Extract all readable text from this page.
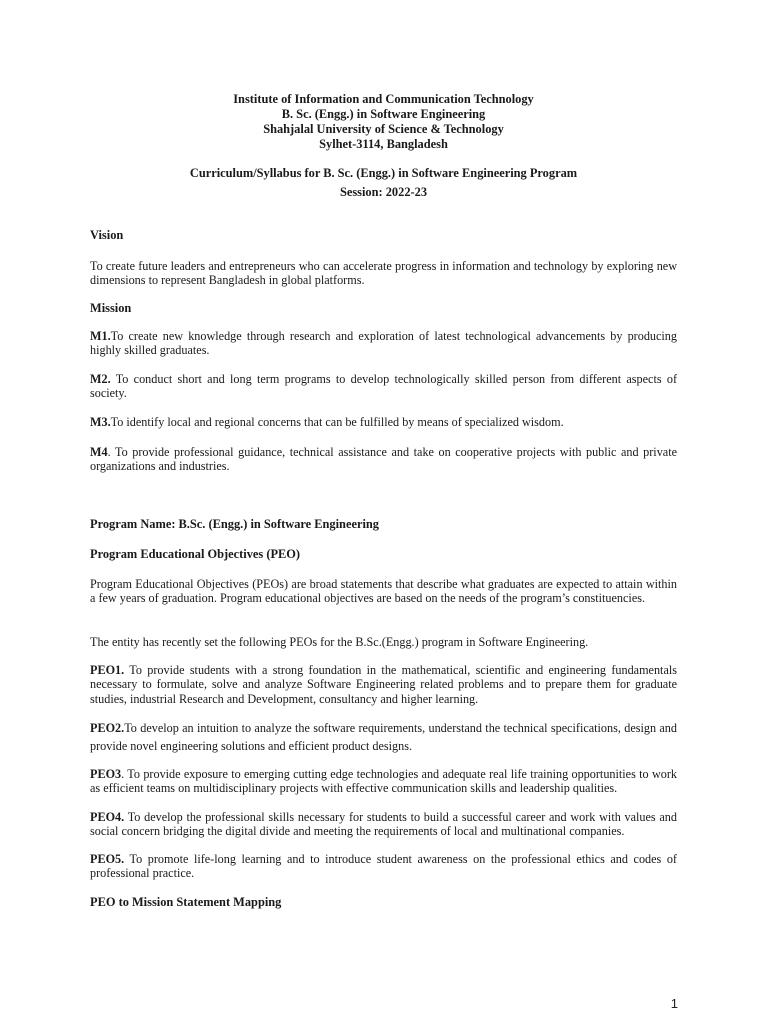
Institute of Information and Communication Technology
B. Sc. (Engg.) in Software Engineering
Shahjalal University of Science & Technology
Sylhet-3114, Bangladesh
Curriculum/Syllabus for B. Sc. (Engg.) in Software Engineering Program
Session: 2022-23
Vision
To create future leaders and entrepreneurs who can accelerate progress in information and technology by exploring new dimensions to represent Bangladesh in global platforms.
Mission
M1.To create new knowledge through research and exploration of latest technological advancements by producing highly skilled graduates.
M2. To conduct short and long term programs to develop technologically skilled person from different aspects of society.
M3.To identify local and regional concerns that can be fulfilled by means of specialized wisdom.
M4. To provide professional guidance, technical assistance and take on cooperative projects with public and private organizations and industries.
Program Name: B.Sc. (Engg.) in Software Engineering
Program Educational Objectives (PEO)
Program Educational Objectives (PEOs) are broad statements that describe what graduates are expected to attain within a few years of graduation. Program educational objectives are based on the needs of the program’s constituencies.
The entity has recently set the following PEOs for the B.Sc.(Engg.) program in Software Engineering.
PEO1. To provide students with a strong foundation in the mathematical, scientific and engineering fundamentals necessary to formulate, solve and analyze Software Engineering related problems and to prepare them for graduate studies, industrial Research and Development, consultancy and higher learning.
PEO2.To develop an intuition to analyze the software requirements, understand the technical specifications, design and provide novel engineering solutions and efficient product designs.
PEO3. To provide exposure to emerging cutting edge technologies and adequate real life training opportunities to work as efficient teams on multidisciplinary projects with effective communication skills and leadership qualities.
PEO4. To develop the professional skills necessary for students to build a successful career and work with values and social concern bridging the digital divide and meeting the requirements of local and multinational companies.
PEO5. To promote life-long learning and to introduce student awareness on the professional ethics and codes of professional practice.
PEO to Mission Statement Mapping
1
